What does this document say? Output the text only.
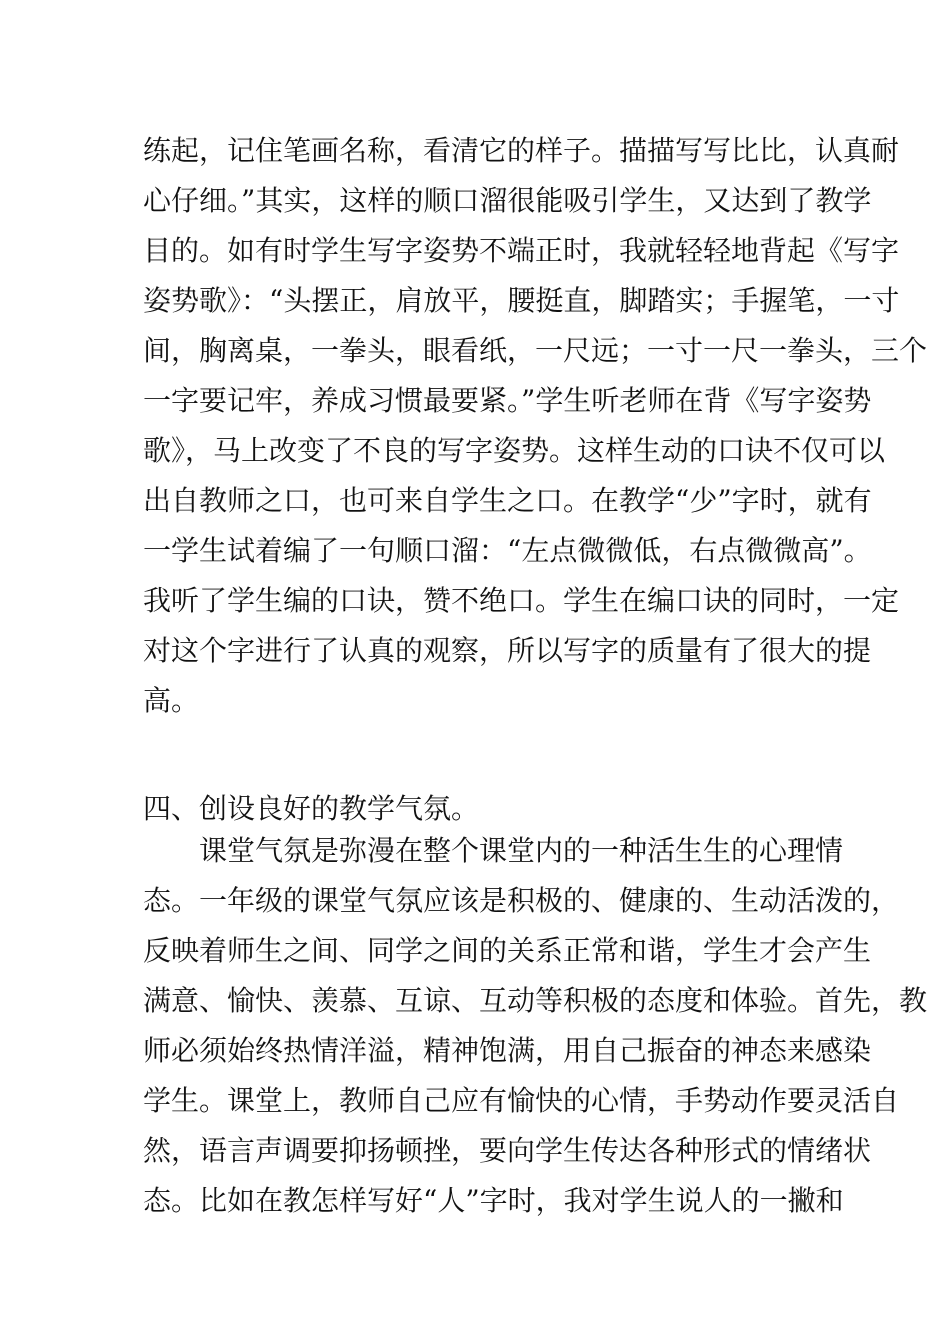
练起，记住笔画名称，看清它的样子。描描写写比比，认真耐
心仔细。”其实，这样的顺口溜很能吸引学生，又达到了教学
目的。如有时学生写字姿势不端正时，我就轻轻地背起《写字
姿势歌》：“头摆正，肩放平，腰挺直，脚踏实；手握笔，一寸
间，胸离桌，一拳头，眼看纸，一尺远；一寸一尺一拳头，三个
一字要记牢，养成习惯最要紧。”学生听老师在背《写字姿势
歌》，马上改变了不良的写字姿势。这样生动的口诀不仅可以
出自教师之口，也可来自学生之口。在教学“少”字时，就有
一学生试着编了一句顺口溜：“左点微微低，右点微微高”。
我听了学生编的口诀，赞不绝口。学生在编口诀的同时，一定
对这个字进行了认真的观察，所以写字的质量有了很大的提
高。
四、创设良好的教学气氛。
课堂气氛是弥漫在整个课堂内的一种活生生的心理情
态。一年级的课堂气氛应该是积极的、健康的、生动活泼的，
反映着师生之间、同学之间的关系正常和谐，学生才会产生
满意、愉快、羡慕、互谅、互动等积极的态度和体验。首先，教
师必须始终热情洋溢，精神饱满，用自己振奋的神态来感染
学生。课堂上，教师自己应有愉快的心情，手势动作要灵活自
然，语言声调要抑扬顿挫，要向学生传达各种形式的情绪状
态。比如在教怎样写好“人”字时，我对学生说人的一撇和
